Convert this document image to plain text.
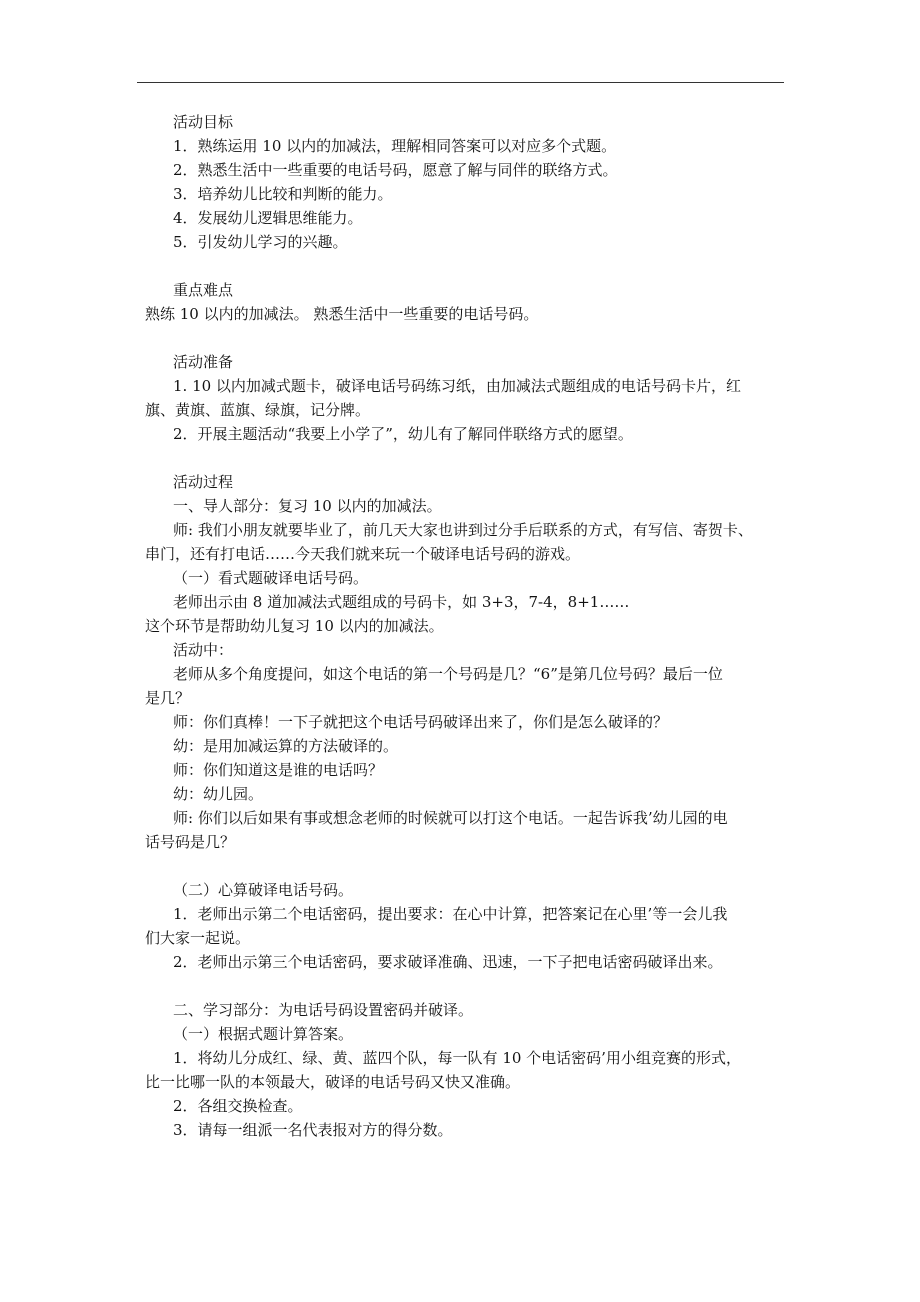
活动目标
1．熟练运用 10 以内的加减法，理解相同答案可以对应多个式题。
2．熟悉生活中一些重要的电话号码，愿意了解与同伴的联络方式。
3．培养幼儿比较和判断的能力。
4．发展幼儿逻辑思维能力。
5．引发幼儿学习的兴趣。
重点难点
熟练 10 以内的加减法。 熟悉生活中一些重要的电话号码。
活动准备
1. 10 以内加减式题卡，破译电话号码练习纸，由加减法式题组成的电话号码卡片，红
旗、黄旗、蓝旗、绿旗，记分牌。
2．开展主题活动“我要上小学了”，幼儿有了解同伴联络方式的愿望。
活动过程
一、导人部分：复习 10 以内的加减法。
师: 我们小朋友就要毕业了，前几天大家也讲到过分手后联系的方式，有写信、寄贺卡、
串门，还有打电话……今天我们就来玩一个破译电话号码的游戏。
（一）看式题破译电话号码。
老师出示由 8 道加减法式题组成的号码卡，如 3+3，7-4，8+1……
这个环节是帮助幼儿复习 10 以内的加减法。
活动中：
老师从多个角度提问，如这个电话的第一个号码是几？“6”是第几位号码？最后一位
是几？
师：你们真棒！一下子就把这个电话号码破译出来了，你们是怎么破译的？
幼：是用加减运算的方法破译的。
师：你们知道这是谁的电话吗？
幼：幼儿园。
师: 你们以后如果有事或想念老师的时候就可以打这个电话。一起告诉我’幼儿园的电
话号码是几？
（二）心算破译电话号码。
1．老师出示第二个电话密码，提出要求：在心中计算，把答案记在心里’等一会儿我
们大家一起说。
2．老师出示第三个电话密码，要求破译准确、迅速，一下子把电话密码破译出来。
二、学习部分：为电话号码设置密码并破译。
（一）根据式题计算答案。
1．将幼儿分成红、绿、黄、蓝四个队，每一队有 10 个电话密码’用小组竞赛的形式，
比一比哪一队的本领最大，破译的电话号码又快又准确。
2．各组交换检查。
3．请每一组派一名代表报对方的得分数。
